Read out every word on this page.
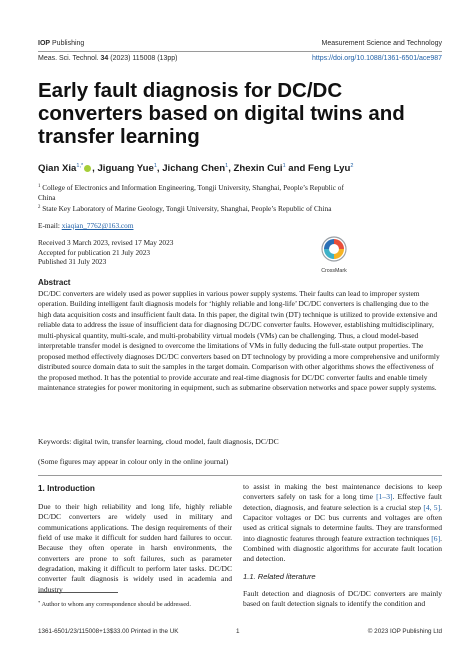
IOP Publishing	Measurement Science and Technology
Meas. Sci. Technol. 34 (2023) 115008 (13pp)	https://doi.org/10.1088/1361-6501/ace987
Early fault diagnosis for DC/DC converters based on digital twins and transfer learning
Qian Xia$^{1,*}$ , Jiguang Yue$^1$, Jichang Chen$^1$, Zhexin Cui$^1$ and Feng Lyu$^2$
$^1$ College of Electronics and Information Engineering, Tongji University, Shanghai, People’s Republic of
China
$^2$ State Key Laboratory of Marine Geology, Tongji University, Shanghai, People’s Republic of China
E-mail: xiaqian_7762@163.com
Received 3 March 2023, revised 17 May 2023
Accepted for publication 21 July 2023
Published 31 July 2023
CrossMark
Abstract
DC/DC converters are widely used as power supplies in various power supply systems. Their faults can lead to improper system operation. Building intelligent fault diagnosis models for ‘highly reliable and long-life’ DC/DC converters is challenging due to the high data acquisition costs and insufficient fault data. In this paper, the digital twin (DT) technique is utilized to provide extensive and reliable data to address the issue of insufficient data for diagnosing DC/DC converter faults. However, establishing multidisciplinary, multi-physical quantity, multi-scale, and multi-probability virtual models (VMs) can be challenging. Thus, a cloud model-based interpretable transfer model is designed to overcome the limitations of VMs in fully deducing the full-state output properties. The proposed method effectively diagnoses DC/DC converters based on DT technology by providing a more comprehensive and uniformly distributed source domain data to suit the samples in the target domain. Comparison with other algorithms shows the effectiveness of the proposed method. It has the potential to provide accurate and real-time diagnosis for DC/DC converter faults and enable timely maintenance strategies for power monitoring in equipment, such as submarine observation networks and space power supply systems.
Keywords: digital twin, transfer learning, cloud model, fault diagnosis, DC/DC
(Some figures may appear in colour only in the online journal)
1. Introduction
Due to their high reliability and long life, highly reliable DC/DC converters are widely used in military and communications applications. The design requirements of their field of use make it difficult for sudden hard failures to occur. Because they often operate in harsh environments, the converters are prone to soft failures, such as parameter degradation, making it difficult to perform later tasks. DC/DC converter fault diagnosis is widely used in academia and industry
to assist in making the best maintenance decisions to keep converters safely on task for a long time [1–3]. Effective fault detection, diagnosis, and feature selection is a crucial step [4, 5]. Capacitor voltages or DC bus currents and voltages are often used as critical signals to determine faults. They are transformed into diagnostic features through feature extraction techniques [6]. Combined with diagnostic algorithms for accurate fault location and detection.
1.1. Related literature
Fault detection and diagnosis of DC/DC converters are mainly based on fault detection signals to identify the condition and
* Author to whom any correspondence should be addressed.
1361-6501/23/115008+13$33.00 Printed in the UK	1	© 2023 IOP Publishing Ltd
